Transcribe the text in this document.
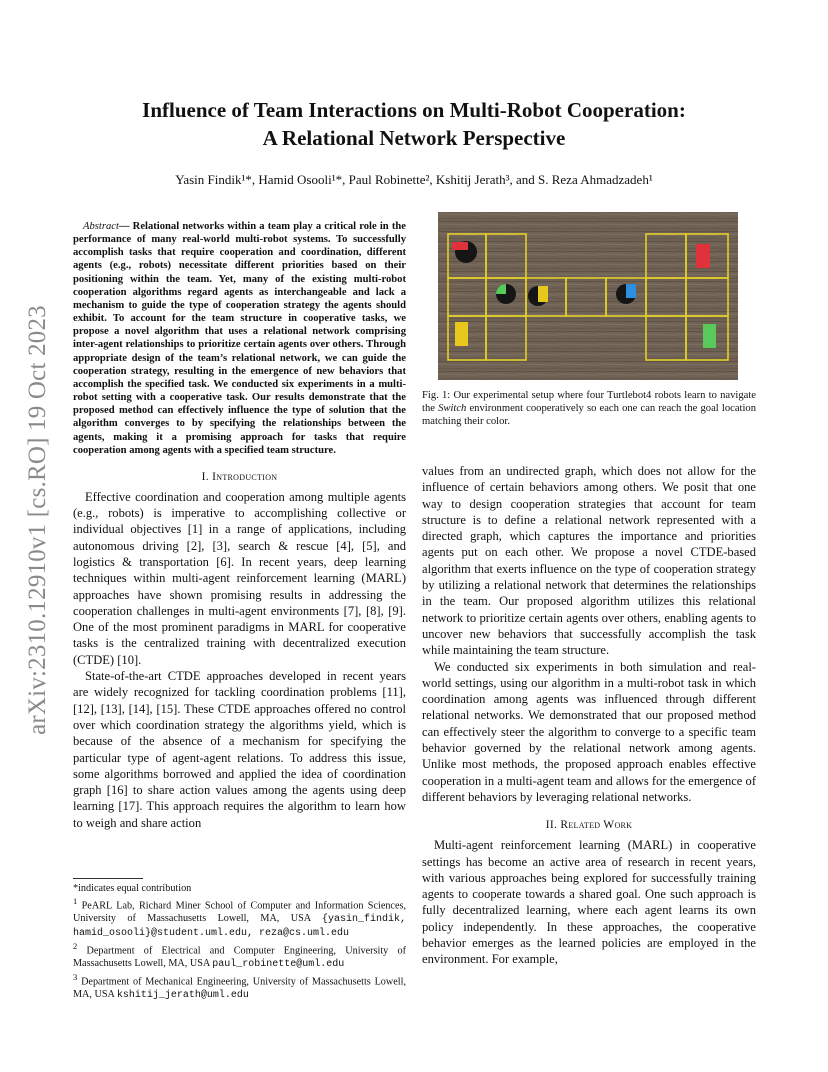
arXiv:2310.12910v1 [cs.RO] 19 Oct 2023
Influence of Team Interactions on Multi-Robot Cooperation:
A Relational Network Perspective
Yasin Findik¹*, Hamid Osooli¹*, Paul Robinette², Kshitij Jerath³, and S. Reza Ahmadzadeh¹

Abstract— Relational networks within a team play a critical role in the performance of many real-world multi-robot systems. To successfully accomplish tasks that require cooperation and coordination, different agents (e.g., robots) necessitate different priorities based on their positioning within the team. Yet, many of the existing multi-robot cooperation algorithms regard agents as interchangeable and lack a mechanism to guide the type of cooperation strategy the agents should exhibit. To account for the team structure in cooperative tasks, we propose a novel algorithm that uses a relational network comprising inter-agent relationships to prioritize certain agents over others. Through appropriate design of the team’s relational network, we can guide the cooperation strategy, resulting in the emergence of new behaviors that accomplish the specified task. We conducted six experiments in a multi-robot setting with a cooperative task. Our results demonstrate that the proposed method can effectively influence the type of solution that the algorithm converges to by specifying the relationships between the agents, making it a promising approach for tasks that require cooperation among agents with a specified team structure.

I. Introduction

Effective coordination and cooperation among multiple agents (e.g., robots) is imperative to accomplishing collective or individual objectives [1] in a range of applications, including autonomous driving [2], [3], search & rescue [4], [5], and logistics & transportation [6]. In recent years, deep learning techniques within multi-agent reinforcement learning (MARL) approaches have shown promising results in addressing the cooperation challenges in multi-agent environments [7], [8], [9]. One of the most prominent paradigms in MARL for cooperative tasks is the centralized training with decentralized execution (CTDE) [10].

State-of-the-art CTDE approaches developed in recent years are widely recognized for tackling coordination problems [11], [12], [13], [14], [15]. These CTDE approaches offered no control over which coordination strategy the algorithms yield, which is because of the absence of a mechanism for specifying the particular type of agent-agent relations. To address this issue, some algorithms borrowed and applied the idea of coordination graph [16] to share action values among the agents using deep learning [17]. This approach requires the algorithm to learn how to weigh and share action

Fig. 1: Our experimental setup where four Turtlebot4 robots learn to navigate the Switch environment cooperatively so each one can reach the goal location matching their color.

values from an undirected graph, which does not allow for the influence of certain behaviors among others. We posit that one way to design cooperation strategies that account for team structure is to define a relational network represented with a directed graph, which captures the importance and priorities agents put on each other. We propose a novel CTDE-based algorithm that exerts influence on the type of cooperation strategy by utilizing a relational network that determines the relationships in the team. Our proposed algorithm utilizes this relational network to prioritize certain agents over others, enabling agents to uncover new behaviors that successfully accomplish the task while maintaining the team structure.

We conducted six experiments in both simulation and real-world settings, using our algorithm in a multi-robot task in which coordination among agents was influenced through different relational networks. We demonstrated that our proposed method can effectively steer the algorithm to converge to a specific team behavior governed by the relational network among agents. Unlike most methods, the proposed approach enables effective cooperation in a multi-agent team and allows for the emergence of different behaviors by leveraging relational networks.

II. Related Work

Multi-agent reinforcement learning (MARL) in cooperative settings has become an active area of research in recent years, with various approaches being explored for successfully training agents to cooperate towards a shared goal. One such approach is fully decentralized learning, where each agent learns its own policy independently. In these approaches, the cooperative behavior emerges as the learned policies are employed in the environment. For example,

*indicates equal contribution

$^1$ PeARL Lab, Richard Miner School of Computer and Information Sciences, University of Massachusetts Lowell, MA, USA {yasin_findik, hamid_osooli}@student.uml.edu, reza@cs.uml.edu

$^2$ Department of Electrical and Computer Engineering, University of Massachusetts Lowell, MA, USA paul_robinette@uml.edu

$^3$ Department of Mechanical Engineering, University of Massachusetts Lowell, MA, USA kshitij_jerath@uml.edu
